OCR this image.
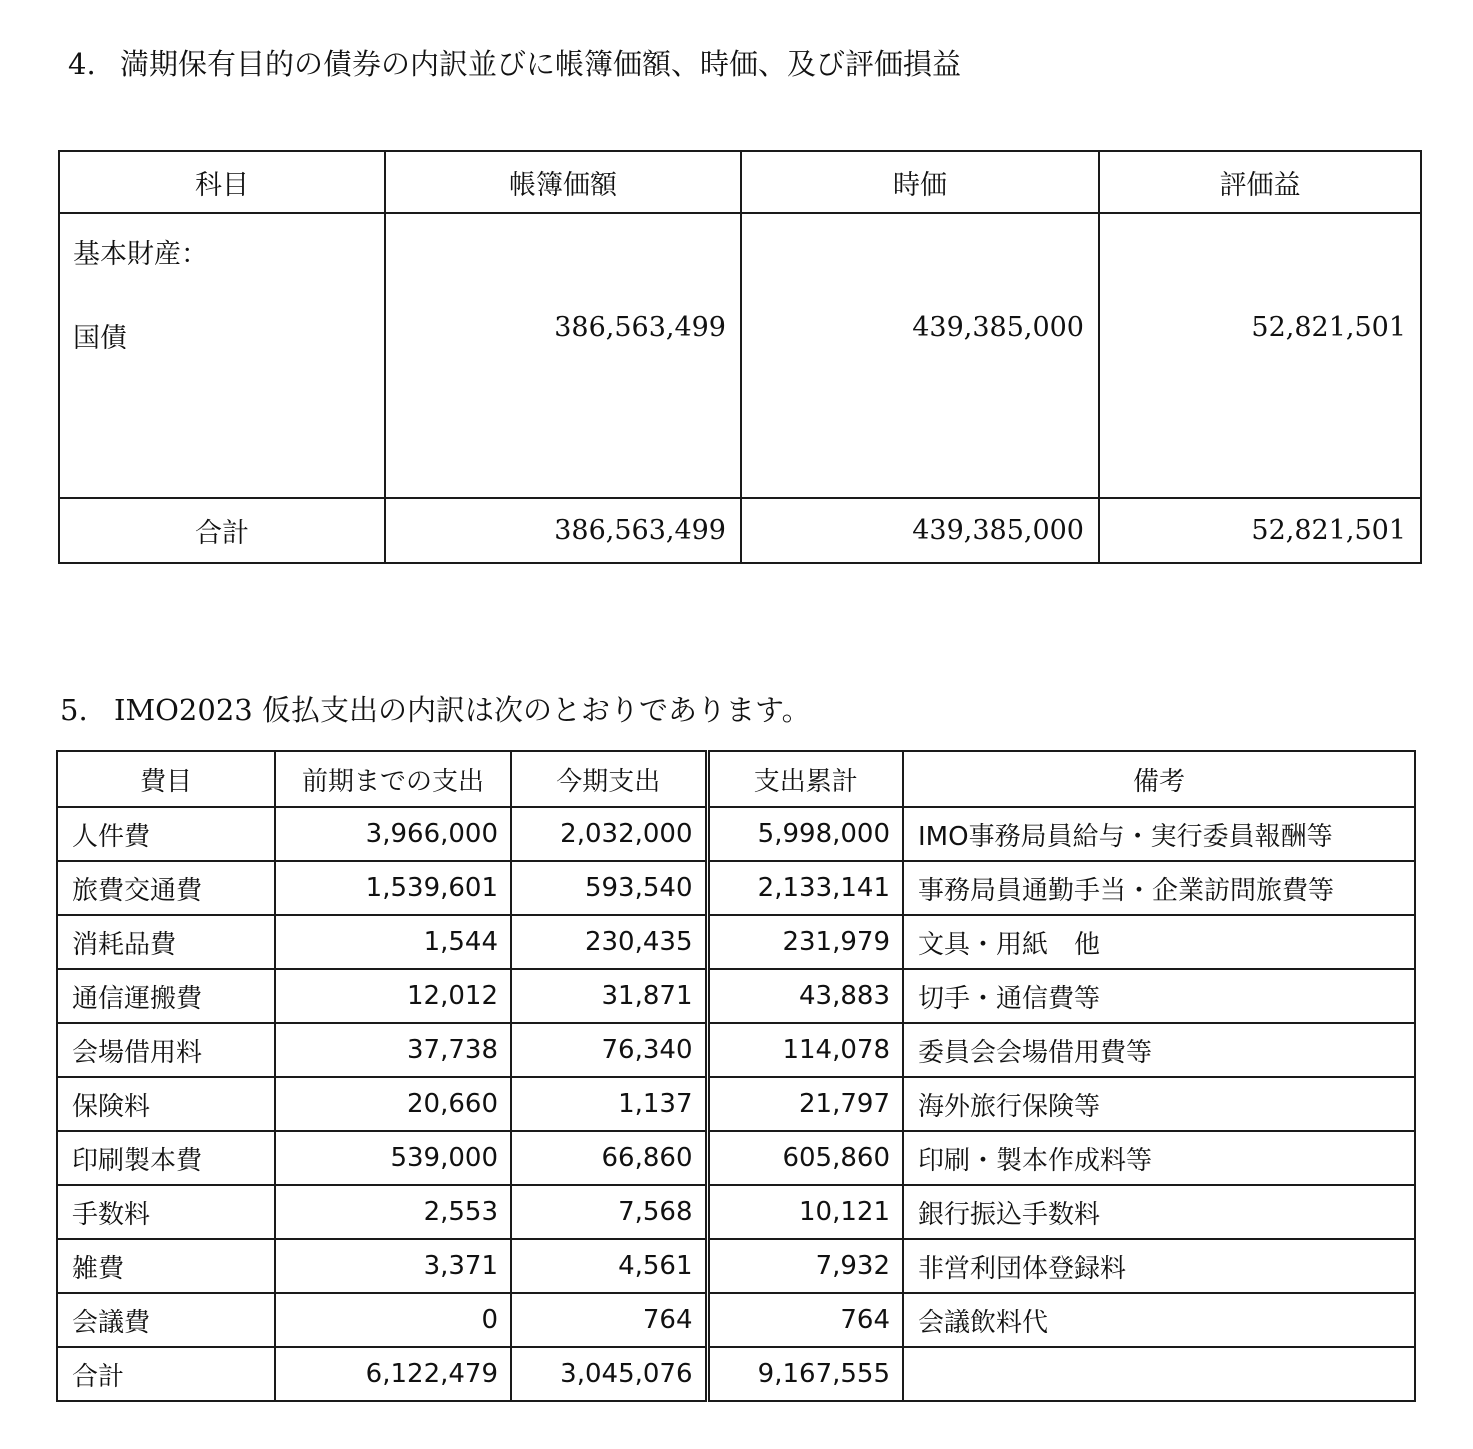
4. 満期保有目的の債券の内訳並びに帳簿価額、時価、及び評価損益
科目	帳簿価額	時価	評価益

基本財産：
国債	386,563,499	439,385,000	52,821,501

合計	386,563,499	439,385,000	52,821,501
5. IMO2023 仮払支出の内訳は次のとおりであります。
費目	前期までの支出	今期支出	支出累計	備考
人件費	3,966,000	2,032,000	5,998,000	IMO事務局員給与・実行委員報酬等
旅費交通費	1,539,601	593,540	2,133,141	事務局員通勤手当・企業訪問旅費等
消耗品費	1,544	230,435	231,979	文具・用紙　他
通信運搬費	12,012	31,871	43,883	切手・通信費等
会場借用料	37,738	76,340	114,078	委員会会場借用費等
保険料	20,660	1,137	21,797	海外旅行保険等
印刷製本費	539,000	66,860	605,860	印刷・製本作成料等
手数料	2,553	7,568	10,121	銀行振込手数料
雑費	3,371	4,561	7,932	非営利団体登録料
会議費	0	764	764	会議飲料代
合計	6,122,479	3,045,076	9,167,555	
